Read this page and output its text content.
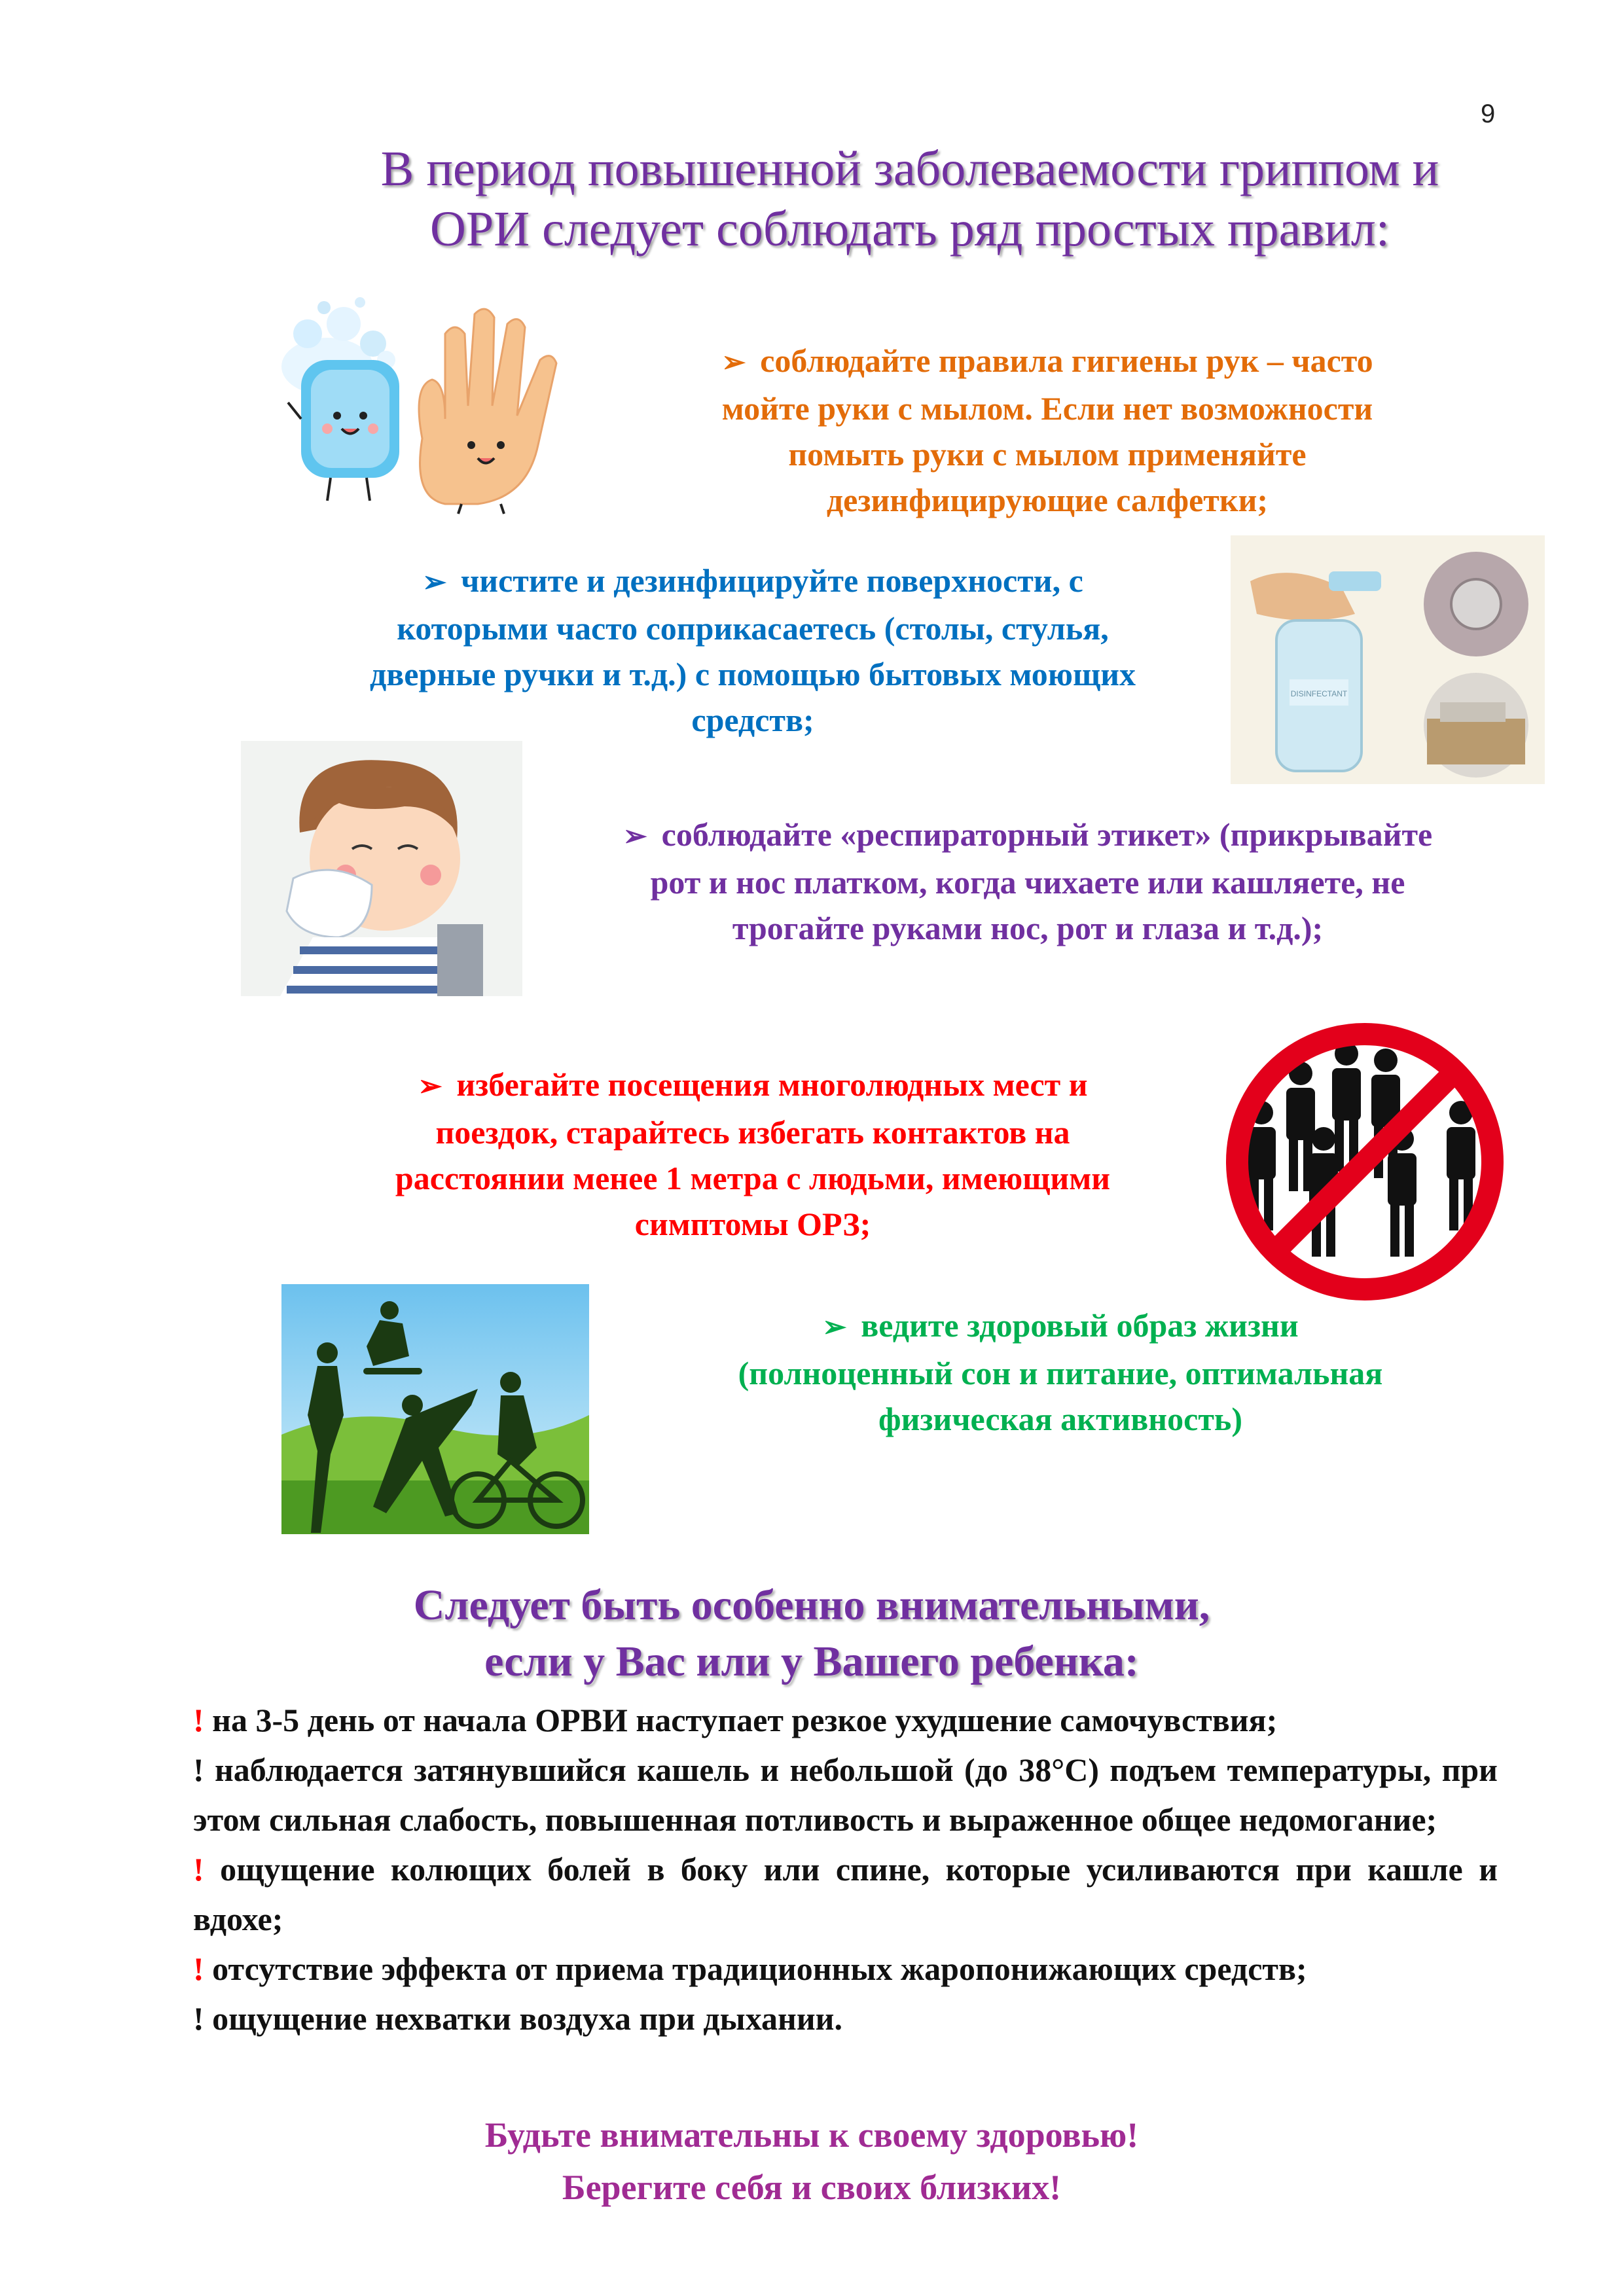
9
В период повышенной заболеваемости гриппом и
ОРИ следует соблюдать ряд простых правил:
➢ соблюдайте правила гигиены рук – часто
мойте руки с мылом. Если нет возможности
помыть руки с мылом применяйте
дезинфицирующие салфетки;
➢ чистите и дезинфицируйте поверхности, с
которыми часто соприкасаетесь (столы, стулья,
дверные ручки и т.д.) с помощью бытовых моющих
средств;
DISINFECTANT
➢ соблюдайте «респираторный этикет» (прикрывайте
рот и нос платком, когда чихаете или кашляете, не
трогайте руками нос, рот и глаза и т.д.);
➢ избегайте посещения многолюдных мест и
поездок, старайтесь избегать контактов на
расстоянии менее 1 метра с людьми, имеющими
симптомы ОРЗ;
➢ ведите здоровый образ жизни
(полноценный сон и питание, оптимальная
физическая активность)
Следует быть особенно внимательными,
если у Вас или у Вашего ребенка:

! на 3-5 день от начала ОРВИ наступает резкое ухудшение самочувствия;

! наблюдается затянувшийся кашель и небольшой (до 38°С) подъем температуры, при этом сильная слабость, повышенная потливость и выраженное общее недомогание;

! ощущение колющих болей в боку или спине, которые усиливаются при кашле и вдохе;

! отсутствие эффекта от приема традиционных жаропонижающих средств;

! ощущение нехватки воздуха при дыхании.

Будьте внимательны к своему здоровью!
Берегите себя и своих близких!
